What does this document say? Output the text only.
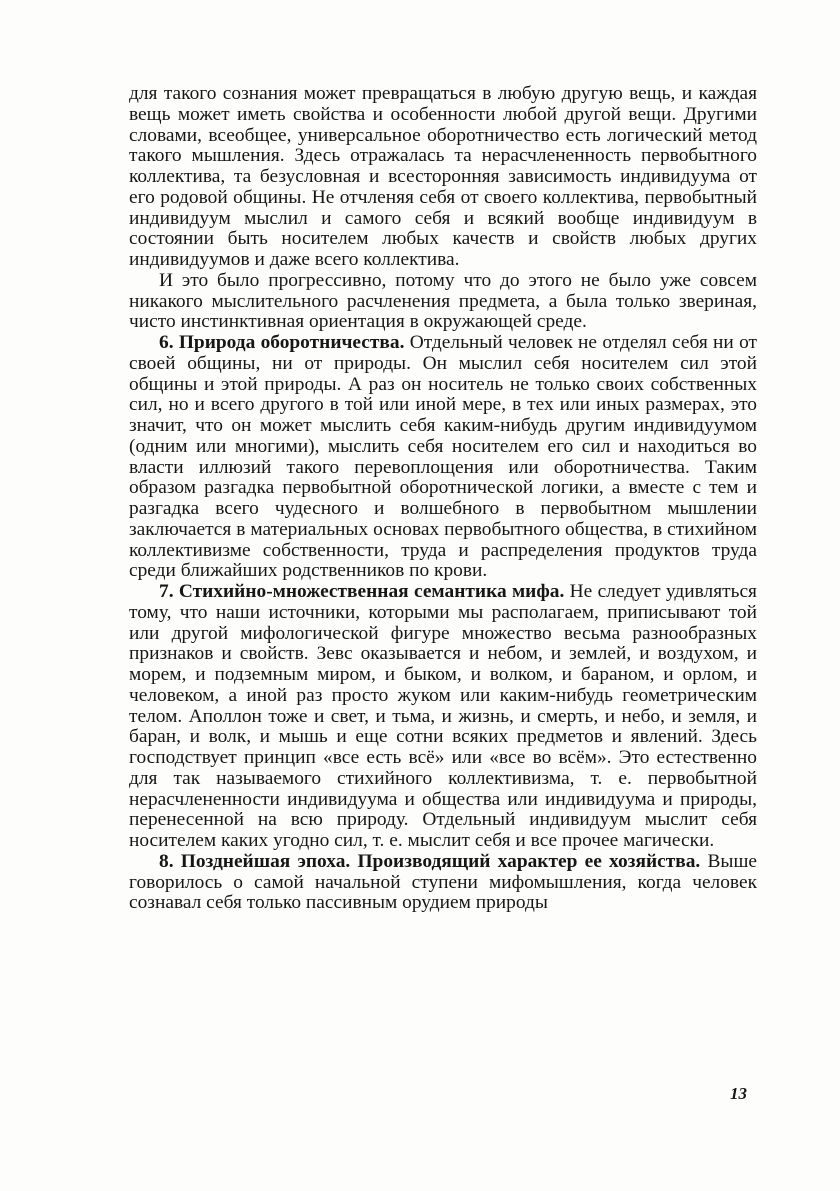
для такого сознания может превращаться в любую другую вещь, и каждая вещь может иметь свойства и особенности любой другой вещи. Другими словами, всеобщее, универсальное оборотничество есть логический метод такого мышления. Здесь отражалась та нерасчлененность первобытного коллектива, та безусловная и всесторонняя зависимость индивидуума от его родовой общины. Не отчленяя себя от своего коллектива, первобытный индивидуум мыслил и самого себя и всякий вообще индивидуум в состоянии быть носителем любых качеств и свойств любых других индивидуумов и даже всего коллектива.

И это было прогрессивно, потому что до этого не было уже совсем никакого мыслительного расчленения предмета, а была только звериная, чисто инстинктивная ориентация в окружающей среде.

6. Природа оборотничества. Отдельный человек не отделял себя ни от своей общины, ни от природы. Он мыслил себя носителем сил этой общины и этой природы. А раз он носитель не только своих собственных сил, но и всего другого в той или иной мере, в тех или иных размерах, это значит, что он может мыслить себя каким-нибудь другим индивидуумом (одним или многими), мыслить себя носителем его сил и находиться во власти иллюзий такого перевоплощения или оборотничества. Таким образом разгадка первобытной оборотнической логики, а вместе с тем и разгадка всего чудесного и волшебного в первобытном мышлении заключается в материальных основах первобытного общества, в стихийном коллективизме собственности, труда и распределения продуктов труда среди ближайших родственников по крови.

7. Стихийно-множественная семантика мифа. Не следует удивляться тому, что наши источники, которыми мы располагаем, приписывают той или другой мифологической фигуре множество весьма разнообразных признаков и свойств. Зевс оказывается и небом, и землей, и воздухом, и морем, и подземным миром, и быком, и волком, и бараном, и орлом, и человеком, а иной раз просто жуком или каким-нибудь геометрическим телом. Аполлон тоже и свет, и тьма, и жизнь, и смерть, и небо, и земля, и баран, и волк, и мышь и еще сотни всяких предметов и явлений. Здесь господствует принцип «все есть всё» или «все во всём». Это естественно для так называемого стихийного коллективизма, т. е. первобытной нерасчлененности индивидуума и общества или индивидуума и природы, перенесенной на всю природу. Отдельный индивидуум мыслит себя носителем каких угодно сил, т. е. мыслит себя и все прочее магически.

8. Позднейшая эпоха. Производящий характер ее хозяйства. Выше говорилось о самой начальной ступени мифомышления, когда человек сознавал себя только пассивным орудием природы

13
